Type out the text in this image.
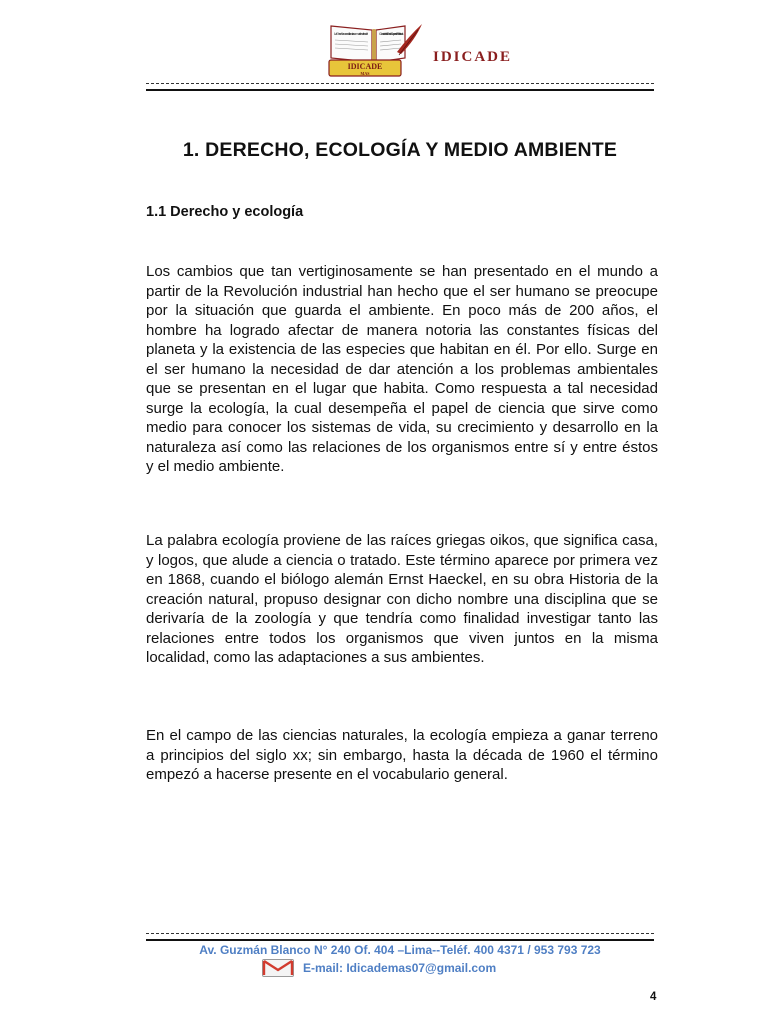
La Enseñanza a distancia como alternativa del	Conocimiento Técnico Superación Profesional
IDICADE
MAS
IDICADE
1. DERECHO, ECOLOGÍA Y MEDIO AMBIENTE
1.1 Derecho y ecología

Los cambios que tan vertiginosamente se han presentado en el mundo a partir de la Revolución industrial han hecho que el ser humano se preocupe por la situación que guarda el ambiente. En poco más de 200 años, el hombre ha logrado afectar de manera notoria las constantes físicas del planeta y la existencia de las especies que habitan en él. Por ello. Surge en el ser humano la necesidad de dar atención a los problemas ambientales que se presentan en el lugar que habita. Como respuesta a tal necesidad surge la ecología, la cual desempeña el papel de ciencia que sirve como medio para conocer los sistemas de vida, su crecimiento y desarrollo en la naturaleza así como las relaciones de los organismos entre sí y entre éstos y el medio ambiente.

La palabra ecología proviene de las raíces griegas oikos, que significa casa, y logos, que alude a ciencia o tratado. Este término aparece por primera vez en 1868, cuando el biólogo alemán Ernst Haeckel, en su obra Historia de la creación natural, propuso designar con dicho nombre una disciplina que se derivaría de la zoología y que tendría como finalidad investigar tanto las relaciones entre todos los organismos que viven juntos en la misma localidad, como las adaptaciones a sus ambientes.

En el campo de las ciencias naturales, la ecología empieza a ganar terreno a principios del siglo xx; sin embargo, hasta la década de 1960 el término empezó a hacerse presente en el vocabulario general.

Av. Guzmán Blanco N° 240 Of. 404 –Lima--Teléf. 400 4371 / 953 793 723
E-mail: Idicademas07@gmail.com
4
